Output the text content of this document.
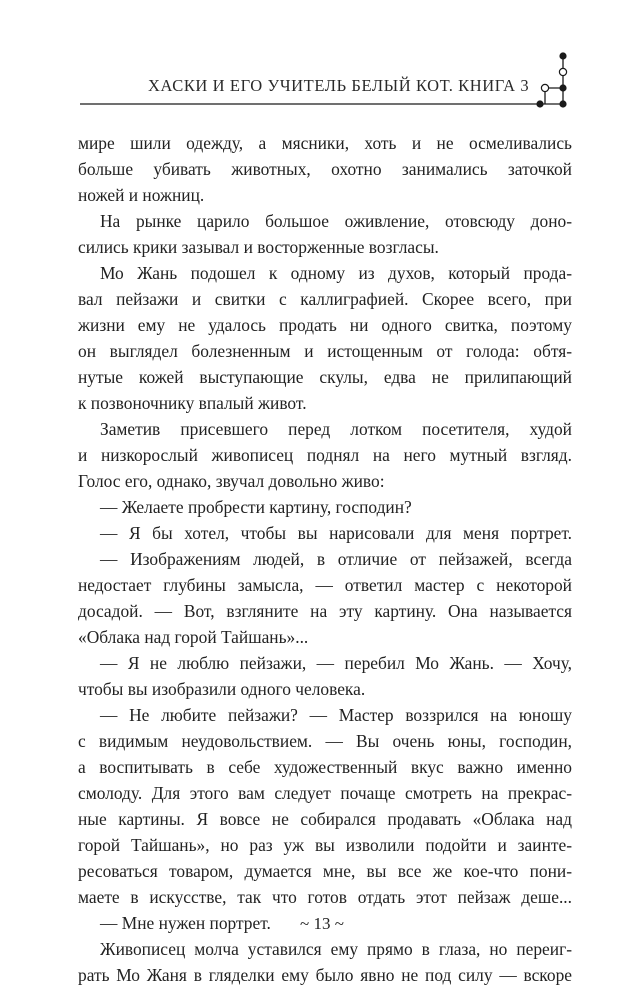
ХАСКИ И ЕГО УЧИТЕЛЬ БЕЛЫЙ КОТ. КНИГА 3
мире шили одежду, а мясники, хоть и не осмеливались
больше убивать животных, охотно занимались заточкой
ножей и ножниц.
На рынке царило большое оживление, отовсюду доно-
сились крики зазывал и восторженные возгласы.
Мо Жань подошел к одному из духов, который прода-
вал пейзажи и свитки с каллиграфией. Скорее всего, при
жизни ему не удалось продать ни одного свитка, поэтому
он выглядел болезненным и истощенным от голода: обтя-
нутые кожей выступающие скулы, едва не прилипающий
к позвоночнику впалый живот.
Заметив присевшего перед лотком посетителя, худой
и низкорослый живописец поднял на него мутный взгляд.
Голос его, однако, звучал довольно живо:
— Желаете пробрести картину, господин?
— Я бы хотел, чтобы вы нарисовали для меня портрет.
— Изображениям людей, в отличие от пейзажей, всегда
недостает глубины замысла, — ответил мастер с некоторой
досадой. — Вот, взгляните на эту картину. Она называется
«Облака над горой Тайшань»...
— Я не люблю пейзажи, — перебил Мо Жань. — Хочу,
чтобы вы изобразили одного человека.
— Не любите пейзажи? — Мастер воззрился на юношу
с видимым неудовольствием. — Вы очень юны, господин,
а воспитывать в себе художественный вкус важно именно
смолоду. Для этого вам следует почаще смотреть на прекрас-
ные картины. Я вовсе не собирался продавать «Облака над
горой Тайшань», но раз уж вы изволили подойти и заинте-
ресоваться товаром, думается мне, вы все же кое-что пони-
маете в искусстве, так что готов отдать этот пейзаж деше...
— Мне нужен портрет.
Живописец молча уставился ему прямо в глаза, но переиг-
рать Мо Жаня в гляделки ему было явно не под силу — вскоре
~ 13 ~
